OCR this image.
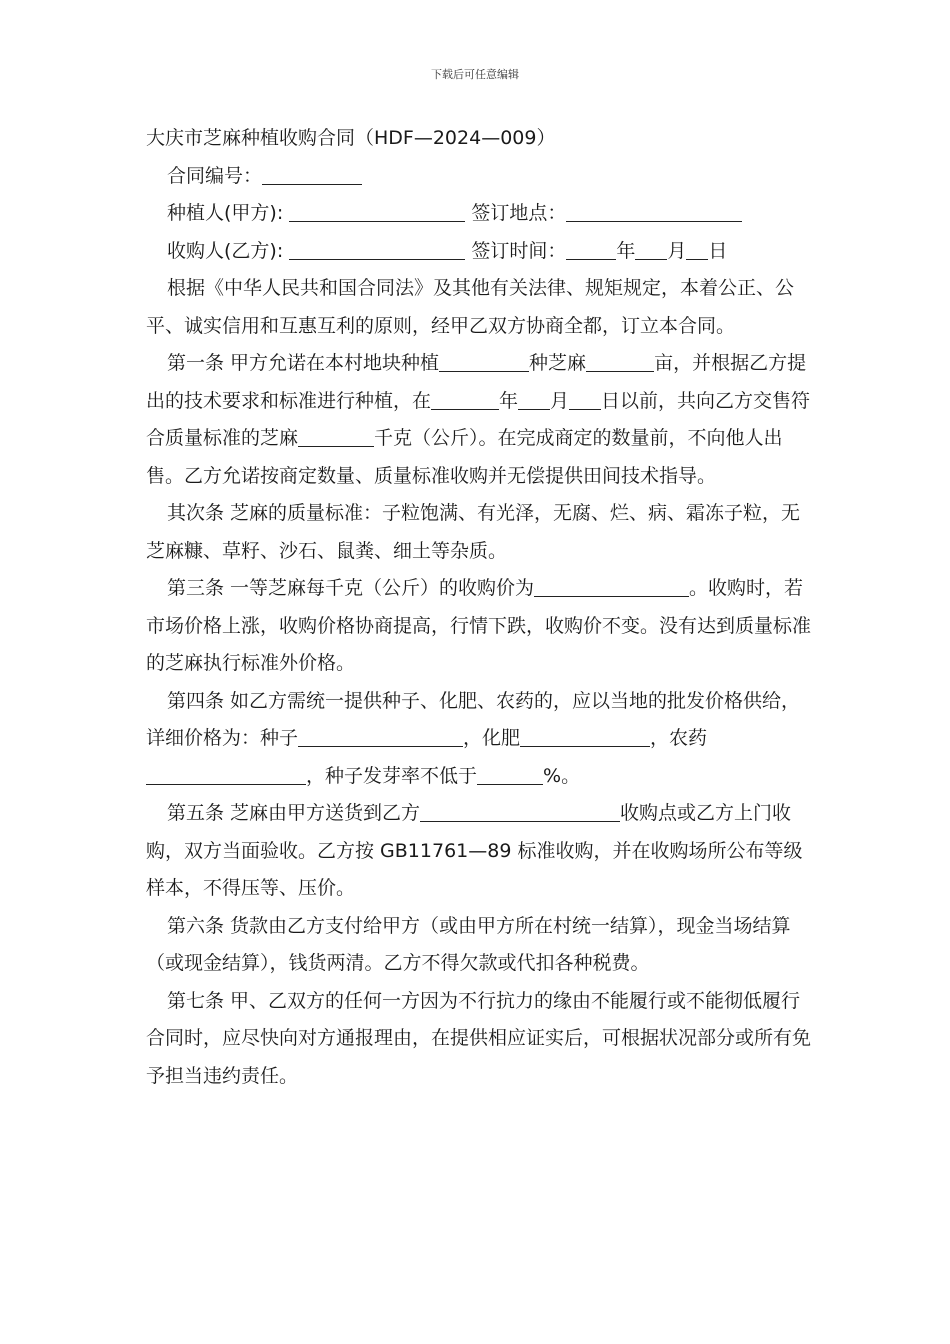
下载后可任意编辑

大庆市芝麻种植收购合同（HDF—2024—009）

合同编号：
种植人(甲方):	签订地点：
收购人(乙方):	签订时间：	年 月 日

根据《中华人民共和国合同法》及其他有关法律、规矩规定，本着公正、公平、诚实信用和互惠互利的原则，经甲乙双方协商全都，订立本合同。

第一条 甲方允诺在本村地块种植	种芝麻	亩，并根据乙方提出的技术要求和标准进行种植，在	年 月 日以前，共向乙方交售符合质量标准的芝麻	千克（公斤）。在完成商定的数量前，不向他人出售。乙方允诺按商定数量、质量标准收购并无偿提供田间技术指导。

其次条 芝麻的质量标准：子粒饱满、有光泽，无腐、烂、病、霜冻子粒，无芝麻糠、草籽、沙石、鼠粪、细土等杂质。

第三条 一等芝麻每千克（公斤）的收购价为	。收购时，若市场价格上涨，收购价格协商提高，行情下跌，收购价不变。没有达到质量标准的芝麻执行标准外价格。

第四条 如乙方需统一提供种子、化肥、农药的，应以当地的批发价格供给，详细价格为：种子	，化肥	，农药，种子发芽率不低于	%。

第五条 芝麻由甲方送货到乙方	收购点或乙方上门收购，双方当面验收。乙方按 GB11761—89 标准收购，并在收购场所公布等级样本，不得压等、压价。

第六条 货款由乙方支付给甲方（或由甲方所在村统一结算），现金当场结算（或现金结算），钱货两清。乙方不得欠款或代扣各种税费。

第七条 甲、乙双方的任何一方因为不行抗力的缘由不能履行或不能彻低履行合同时，应尽快向对方通报理由，在提供相应证实后，可根据状况部分或所有免予担当违约责任。
